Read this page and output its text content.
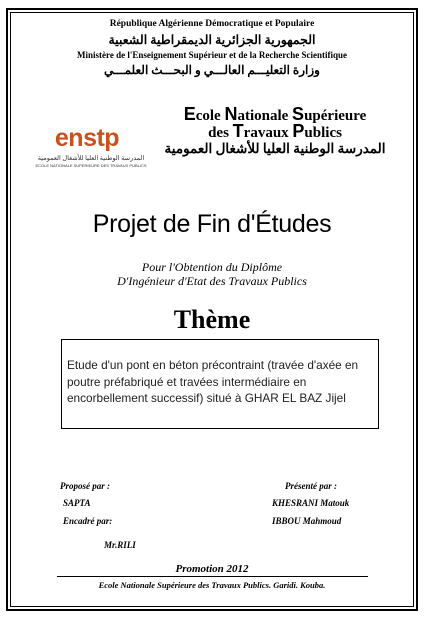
République Algérienne Démocratique et Populaire
الجمهورية الجزائرية الديمقراطية الشعبية
Ministère de l'Enseignement Supérieur et de la Recherche Scientifique
وزارة التعليـــم العالـــي و البحـــث العلمـــي
enstp
المدرسة الوطنية العليا للأشغال العمومية
ECOLE NATIONALE SUPERIEURE DES TRAVAUX PUBLICS
Ecole Nationale Supérieure
des Travaux Publics
المدرسة الوطنية العليا للأشغال العمومية
Projet de Fin d'Études
Pour l'Obtention du Diplôme
D'Ingénieur d'Etat des Travaux Publics
Thème
Etude d'un pont en béton précontraint (travée d'axée en poutre préfabriqué et travées intermédiaire en encorbellement successif) situé à GHAR EL BAZ Jijel
Proposé par :
SAPTA
Encadré par:
Mr.RILI
Présenté par :
KHESRANI Matouk
IBBOU Mahmoud
Promotion 2012
Ecole Nationale Supérieure des Travaux Publics. Garidi. Kouba.
